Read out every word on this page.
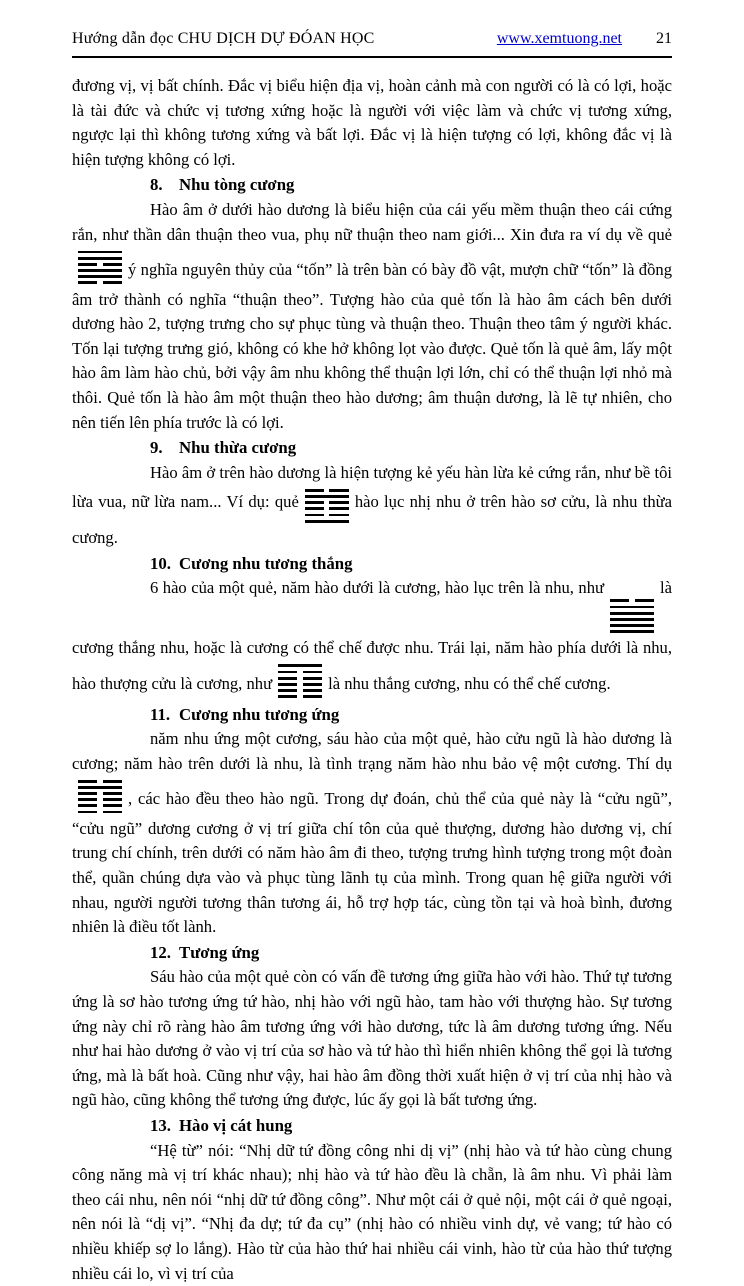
Hướng dẫn đọc CHU DỊCH DỰ ĐÓAN HỌC	www.xemtuong.net 21

đương vị, vị bất chính. Đắc vị biểu hiện địa vị, hoàn cảnh mà con người có là có lợi, hoặc là tài đức và chức vị tương xứng hoặc là người với việc làm và chức vị tương xứng, ngược lại thì không tương xứng và bất lợi. Đắc vị là hiện tượng có lợi, không đắc vị là hiện tượng không có lợi.

8. Nhu tòng cương

Hào âm ở dưới hào dương là biểu hiện của cái yếu mềm thuận theo cái cứng rắn, như thần dân thuận theo vua, phụ nữ thuận theo nam giới... Xin đưa ra ví dụ về quẻ
ý nghĩa nguyên thủy của “tốn” là trên bàn có bày đồ vật, mượn chữ “tốn” là đồng âm trở thành có nghĩa “thuận theo”. Tượng hào của quẻ tốn là hào âm cách bên dưới dương hào 2, tượng trưng cho sự phục tùng và thuận theo. Thuận theo tâm ý người khác. Tốn lại tượng trưng gió, không có khe hở không lọt vào được. Quẻ tốn là quẻ âm, lấy một hào âm làm hào chủ, bởi vậy âm nhu không thể thuận lợi lớn, chỉ có thể thuận lợi nhỏ mà thôi. Quẻ tốn là hào âm một thuận theo hào dương; âm thuận dương, là lẽ tự nhiên, cho nên tiến lên phía trước là có lợi.

9. Nhu thừa cương

Hào âm ở trên hào dương là hiện tượng kẻ yếu hàn lừa kẻ cứng rắn, như bề tôi lừa vua, nữ lừa nam... Ví dụ: quẻ	hào lục nhị nhu ở trên hào sơ cửu, là nhu thừa cương.

10. Cương nhu tương thắng

6 hào của một quẻ, năm hào dưới là cương, hào lục trên là nhu, như	là cương thắng nhu, hoặc là cương có thể chế được nhu. Trái lại, năm hào phía dưới là nhu, hào thượng cửu là cương, như	là nhu thắng cương, nhu có thể chế cương.

11. Cương nhu tương ứng

năm nhu ứng một cương, sáu hào của một quẻ, hào cửu ngũ là hào dương là cương; năm hào trên dưới là nhu, là tình trạng năm hào nhu bảo vệ một cương. Thí dụ
, các hào đều theo hào ngũ. Trong dự đoán, chủ thể của quẻ này là “cửu ngũ”, “cửu ngũ” dương cương ở vị trí giữa chí tôn của quẻ thượng, dương hào dương vị, chí trung chí chính, trên dưới có năm hào âm đi theo, tượng trưng hình tượng trong một đoàn thể, quần chúng dựa vào và phục tùng lãnh tụ của mình. Trong quan hệ giữa người với nhau, người người tương thân tương ái, hỗ trợ hợp tác, cùng tồn tại và hoà bình, đương nhiên là điều tốt lành.

12. Tương ứng

Sáu hào của một quẻ còn có vấn đề tương ứng giữa hào với hào. Thứ tự tương ứng là sơ hào tương ứng tứ hào, nhị hào với ngũ hào, tam hào với thượng hào. Sự tương ứng này chỉ rõ ràng hào âm tương ứng với hào dương, tức là âm dương tương ứng. Nếu như hai hào dương ở vào vị trí của sơ hào và tứ hào thì hiển nhiên không thể gọi là tương ứng, mà là bất hoà. Cũng như vậy, hai hào âm đồng thời xuất hiện ở vị trí của nhị hào và ngũ hào, cũng không thể tương ứng được, lúc ấy gọi là bất tương ứng.

13. Hào vị cát hung

“Hệ từ” nói: “Nhị dữ tứ đồng công nhi dị vị” (nhị hào và tứ hào cùng chung công năng mà vị trí khác nhau); nhị hào và tứ hào đều là chẵn, là âm nhu. Vì phải làm theo cái nhu, nên nói “nhị dữ tứ đồng công”. Như một cái ở quẻ nội, một cái ở quẻ ngoại, nên nói là “dị vị”. “Nhị đa dự; tứ đa cụ” (nhị hào có nhiều vinh dự, vẻ vang; tứ hào có nhiều khiếp sợ lo lắng). Hào từ của hào thứ hai nhiều cái vinh, hào từ của hào thứ tượng nhiều cái lo, vì vị trí của
